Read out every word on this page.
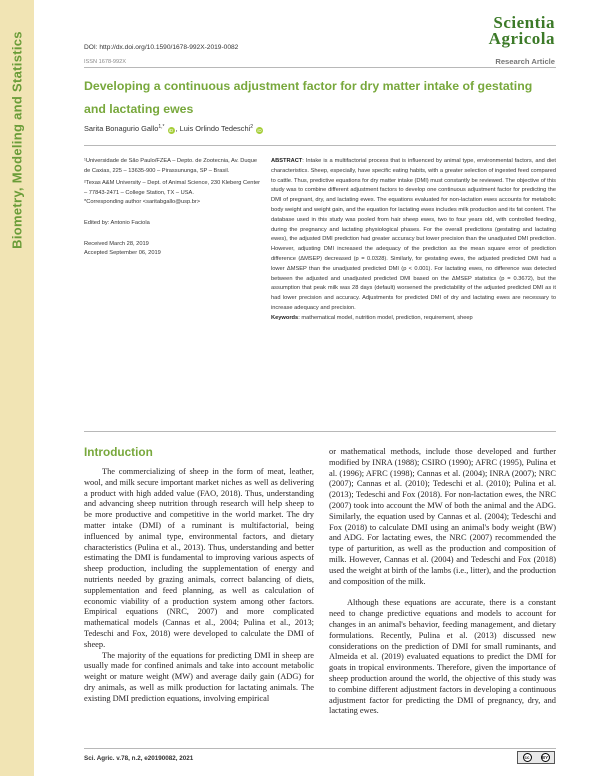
Biometry, Modeling and Statistics	DOI: http://dx.doi.org/10.1590/1678-992X-2019-0082
ISSN 1678-992X
Scientia
Agricola
Research Article
Developing a continuous adjustment factor for dry matter intake of gestating and lactating ewes
Sarita Bonagurio Gallo$^{1,*}$ iD , Luis Orlindo Tedeschi$^2$ iD

¹Universidade de São Paulo/FZEA – Depto. de Zootecnia, Av. Duque de Caxias, 225 – 13635-900 – Pirassununga, SP – Brasil.

²Texas A&M University – Dept. of Animal Science, 230 Kleberg Center – 77843-2471 – College Station, TX – USA.

*Corresponding author <saritabgallo@usp.br>

Edited by: Antonio Faciola

Received March 28, 2019

Accepted September 06, 2019

ABSTRACT: Intake is a multifactorial process that is influenced by animal type, environmental factors, and diet characteristics. Sheep, especially, have specific eating habits, with a greater selection of ingested feed compared to cattle. Thus, predictive equations for dry matter intake (DMI) must constantly be reviewed. The objective of this study was to combine different adjustment factors to develop one continuous adjustment factor for predicting the DMI of pregnant, dry, and lactating ewes. The equations evaluated for non-lactation ewes accounts for metabolic body weight and weight gain, and the equation for lactating ewes includes milk production and its fat content. The database used in this study was pooled from hair sheep ewes, two to four years old, with controlled feeding, during the pregnancy and lactating physiological phases. For the overall predictions (gestating and lactating ewes), the adjusted DMI prediction had greater accuracy but lower precision than the unadjusted DMI prediction. However, adjusting DMI increased the adequacy of the prediction as the mean square error of prediction difference (ΔMSEP) decreased (p = 0.0328). Similarly, for gestating ewes, the adjusted predicted DMI had a lower ΔMSEP than the unadjusted predicted DMI (p < 0.001). For lactating ewes, no difference was detected between the adjusted and unadjusted predicted DMI based on the ΔMSEP statistics (p = 0.3672), but the assumption that peak milk was 28 days (default) worsened the predictability of the adjusted predicted DMI as it had lower precision and accuracy. Adjustments for predicted DMI of dry and lactating ewes are necessary to increase adequacy and precision.

Keywords: mathematical model, nutrition model, prediction, requirement, sheep

Introduction

The commercializing of sheep in the form of meat, leather, wool, and milk secure important market niches as well as delivering a product with high added value (FAO, 2018). Thus, understanding and advancing sheep nutrition through research will help sheep to be more productive and competitive in the world market. The dry matter intake (DMI) of a ruminant is multifactorial, being influenced by animal type, environmental factors, and dietary characteristics (Pulina et al., 2013). Thus, understanding and better estimating the DMI is fundamental to improving various aspects of sheep production, including the supplementation of energy and nutrients needed by grazing animals, correct balancing of diets, supplementation and feed planning, as well as calculation of economic viability of a production system among other factors. Empirical equations (NRC, 2007) and more complicated mathematical models (Cannas et al., 2004; Pulina et al., 2013; Tedeschi and Fox, 2018) were developed to calculate the DMI of sheep.

The majority of the equations for predicting DMI in sheep are usually made for confined animals and take into account metabolic weight or mature weight (MW) and average daily gain (ADG) for dry animals, as well as milk production for lactating animals. The existing DMI prediction equations, involving empirical

or mathematical methods, include those developed and further modified by INRA (1988); CSIRO (1990); AFRC (1995), Pulina et al. (1996); AFRC (1998); Cannas et al. (2004); INRA (2007); NRC (2007); Cannas et al. (2010); Tedeschi et al. (2010); Pulina et al. (2013); Tedeschi and Fox (2018). For non-lactation ewes, the NRC (2007) took into account the MW of both the animal and the ADG. Similarly, the equation used by Cannas et al. (2004); Tedeschi and Fox (2018) to calculate DMI using an animal's body weight (BW) and ADG. For lactating ewes, the NRC (2007) recommended the type of parturition, as well as the production and composition of milk. However, Cannas et al. (2004) and Tedeschi and Fox (2018) used the weight at birth of the lambs (i.e., litter), and the production and composition of the milk.

Although these equations are accurate, there is a constant need to change predictive equations and models to account for changes in an animal's behavior, feeding management, and dietary formulations. Recently, Pulina et al. (2013) discussed new considerations on the prediction of DMI for small ruminants, and Almeida et al. (2019) evaluated equations to predict the DMI for goats in tropical environments. Therefore, given the importance of sheep production around the world, the objective of this study was to combine different adjustment factors in developing a continuous adjustment factor for predicting the DMI of pregnancy, dry, and lactating ewes.

Sci. Agric. v.78, n.2, e20190082, 2021	cc	BY
